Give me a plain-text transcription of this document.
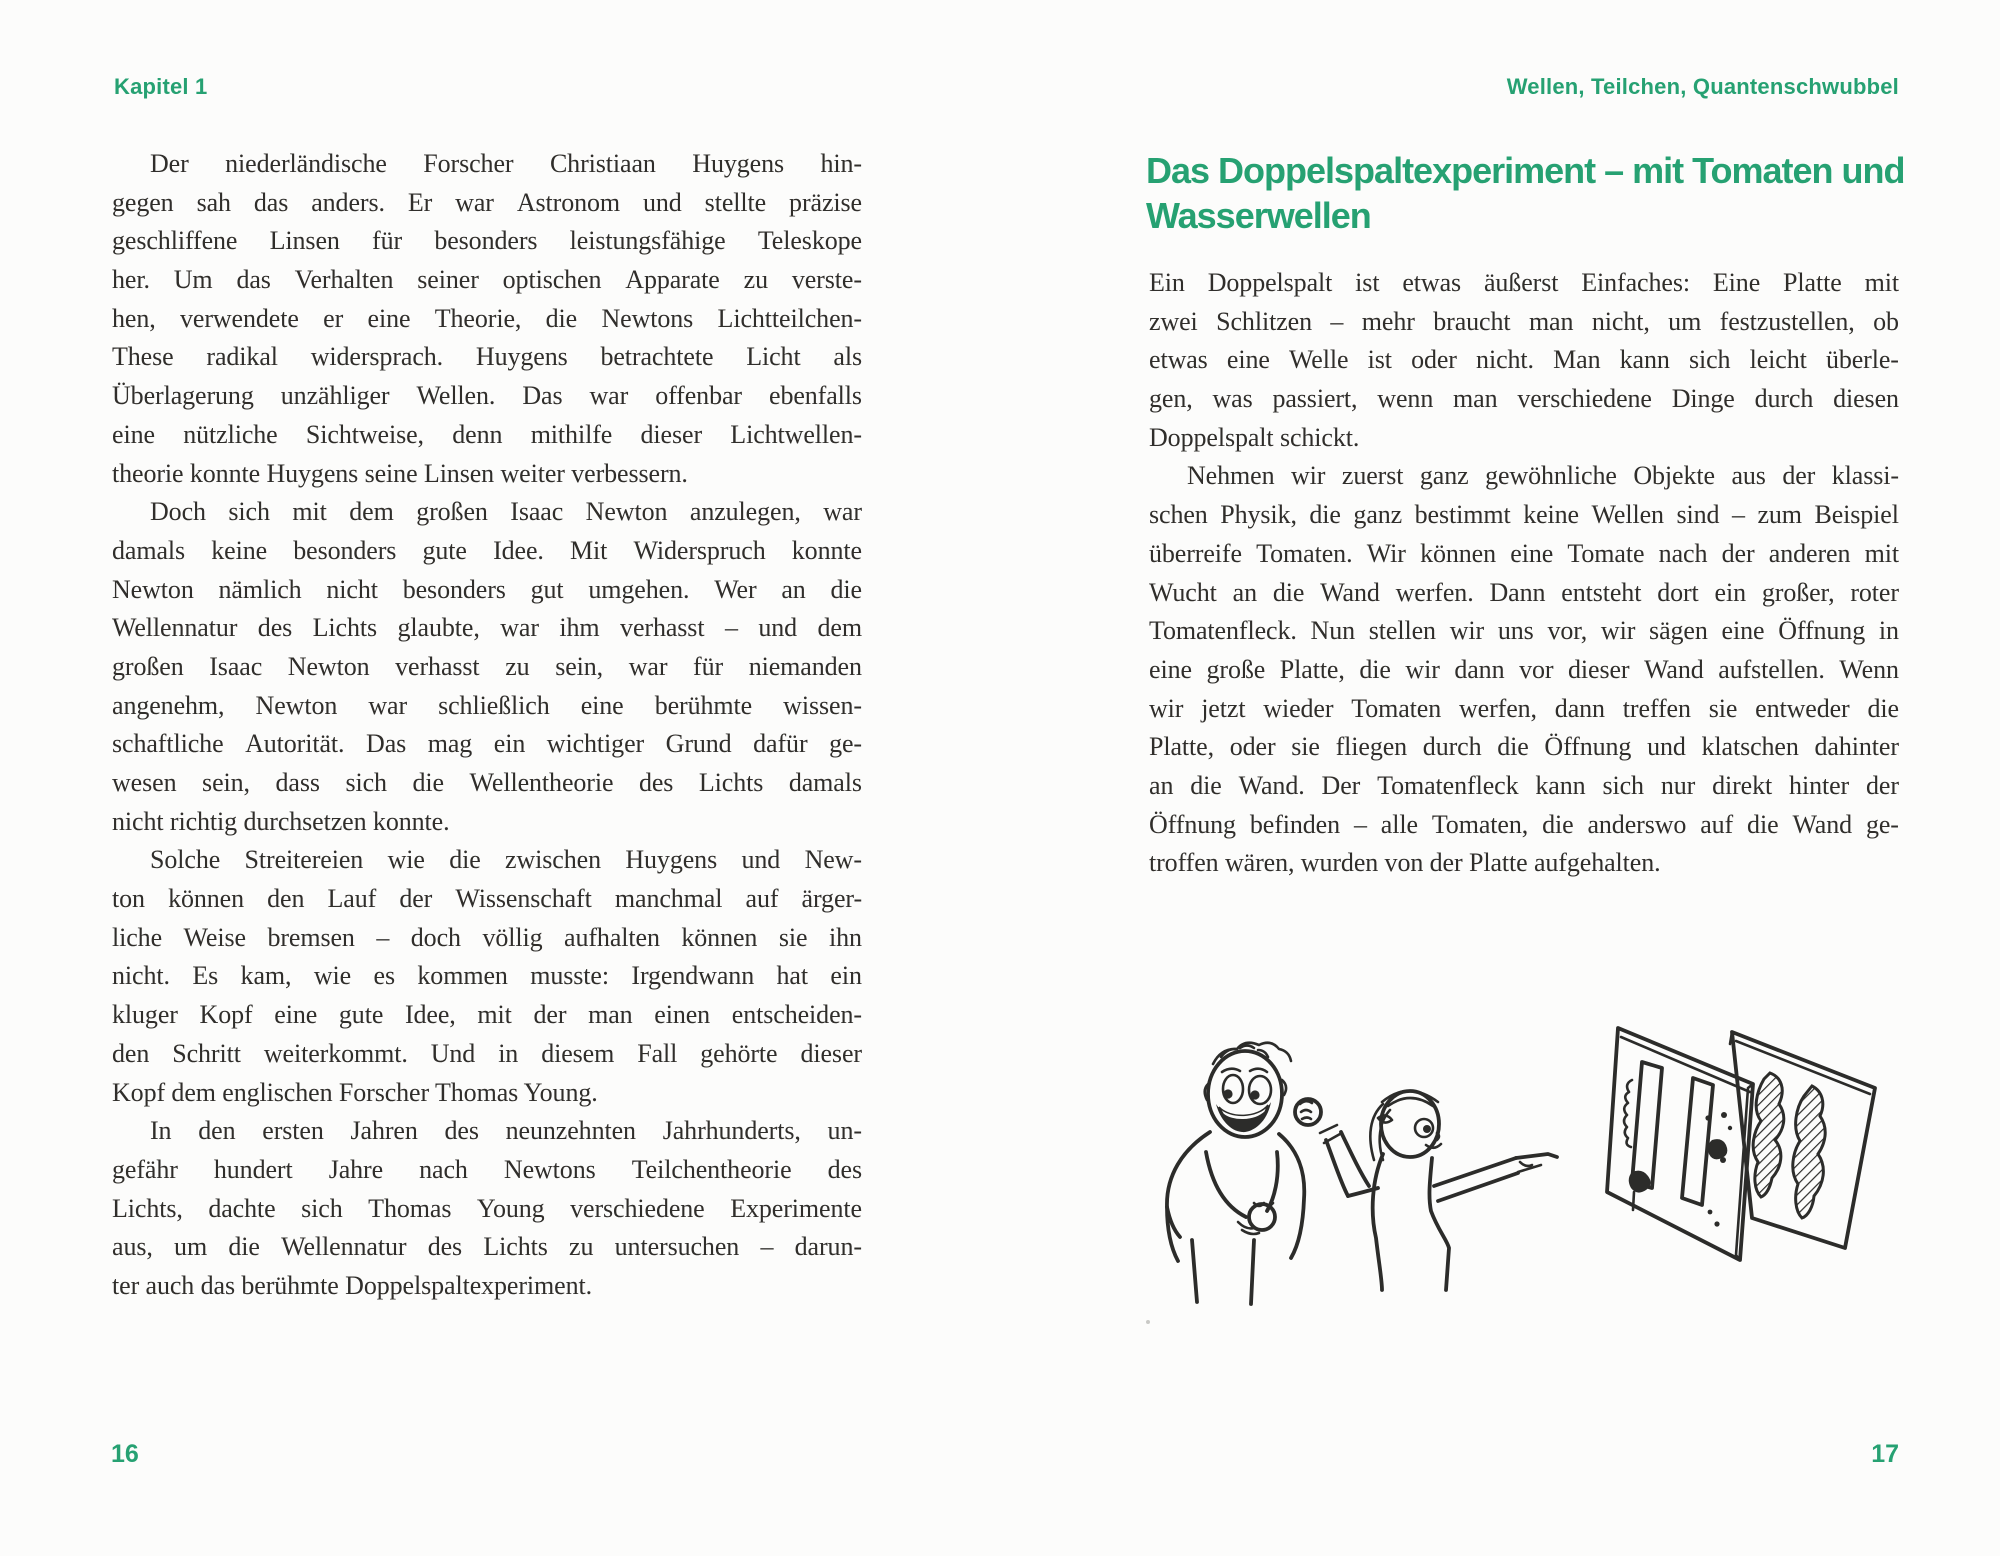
Kapitel 1
Der niederländische Forscher Christiaan Huygens hin-
gegen sah das anders. Er war Astronom und stellte präzise
geschliffene Linsen für besonders leistungsfähige Teleskope
her. Um das Verhalten seiner optischen Apparate zu verste-
hen, verwendete er eine Theorie, die Newtons Lichtteilchen-
These radikal widersprach. Huygens betrachtete Licht als
Überlagerung unzähliger Wellen. Das war offenbar ebenfalls
eine nützliche Sichtweise, denn mithilfe dieser Lichtwellen-
theorie konnte Huygens seine Linsen weiter verbessern.
Doch sich mit dem großen Isaac Newton anzulegen, war
damals keine besonders gute Idee. Mit Widerspruch konnte
Newton nämlich nicht besonders gut umgehen. Wer an die
Wellennatur des Lichts glaubte, war ihm verhasst – und dem
großen Isaac Newton verhasst zu sein, war für niemanden
angenehm, Newton war schließlich eine berühmte wissen-
schaftliche Autorität. Das mag ein wichtiger Grund dafür ge-
wesen sein, dass sich die Wellentheorie des Lichts damals
nicht richtig durchsetzen konnte.
Solche Streitereien wie die zwischen Huygens und New-
ton können den Lauf der Wissenschaft manchmal auf ärger-
liche Weise bremsen – doch völlig aufhalten können sie ihn
nicht. Es kam, wie es kommen musste: Irgendwann hat ein
kluger Kopf eine gute Idee, mit der man einen entscheiden-
den Schritt weiterkommt. Und in diesem Fall gehörte dieser
Kopf dem englischen Forscher Thomas Young.
In den ersten Jahren des neunzehnten Jahrhunderts, un-
gefähr hundert Jahre nach Newtons Teilchentheorie des
Lichts, dachte sich Thomas Young verschiedene Experimente
aus, um die Wellennatur des Lichts zu untersuchen – darun-
ter auch das berühmte Doppelspaltexperiment.
16
Wellen, Teilchen, Quantenschwubbel
Das Doppelspaltexperiment – mit Tomaten und
Wasserwellen
Ein Doppelspalt ist etwas äußerst Einfaches: Eine Platte mit
zwei Schlitzen – mehr braucht man nicht, um festzustellen, ob
etwas eine Welle ist oder nicht. Man kann sich leicht überle-
gen, was passiert, wenn man verschiedene Dinge durch diesen
Doppelspalt schickt.
Nehmen wir zuerst ganz gewöhnliche Objekte aus der klassi-
schen Physik, die ganz bestimmt keine Wellen sind – zum Beispiel
überreife Tomaten. Wir können eine Tomate nach der anderen mit
Wucht an die Wand werfen. Dann entsteht dort ein großer, roter
Tomatenfleck. Nun stellen wir uns vor, wir sägen eine Öffnung in
eine große Platte, die wir dann vor dieser Wand aufstellen. Wenn
wir jetzt wieder Tomaten werfen, dann treffen sie entweder die
Platte, oder sie fliegen durch die Öffnung und klatschen dahinter
an die Wand. Der Tomatenfleck kann sich nur direkt hinter der
Öffnung befinden – alle Tomaten, die anderswo auf die Wand ge-
troffen wären, wurden von der Platte aufgehalten.
17
